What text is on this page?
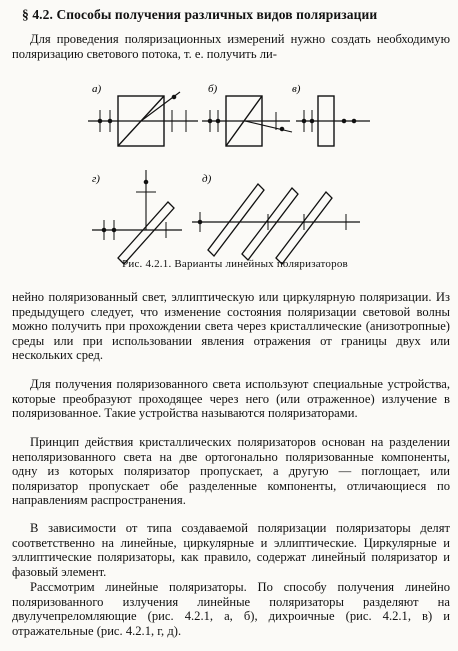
§ 4.2. Способы получения различных видов поляризации

Для проведения поляризационных измерений нужно создать необходимую поляризацию светового потока, т. е. получить ли-

а)	б)	в)
г)	д)
Рис. 4.2.1. Варианты линейных поляризаторов

нейно поляризованный свет, эллиптическую или циркулярную поляризации. Из предыдущего следует, что изменение состояния поляризации световой волны можно получить при прохождении света через кристаллические (анизотропные) среды или при использовании явления отражения от границы двух или нескольких сред.

Для получения поляризованного света используют специальные устройства, которые преобразуют проходящее через него (или отраженное) излучение в поляризованное. Такие устройства называются поляризаторами.

Принцип действия кристаллических поляризаторов основан на разделении неполяризованного света на две ортогонально поляризованные компоненты, одну из которых поляризатор пропускает, а другую — поглощает, или поляризатор пропускает обе разделенные компоненты, отличающиеся по направлениям распространения.

В зависимости от типа создаваемой поляризации поляризаторы делят соответственно на линейные, циркулярные и эллиптические. Циркулярные и эллиптические поляризаторы, как правило, содержат линейный поляризатор и фазовый элемент.

Рассмотрим линейные поляризаторы. По способу получения линейно поляризованного излучения линейные поляризаторы разделяют на двулучепреломляющие (рис. 4.2.1, а, б), дихроичные (рис. 4.2.1, в) и отражательные (рис. 4.2.1, г, д).
